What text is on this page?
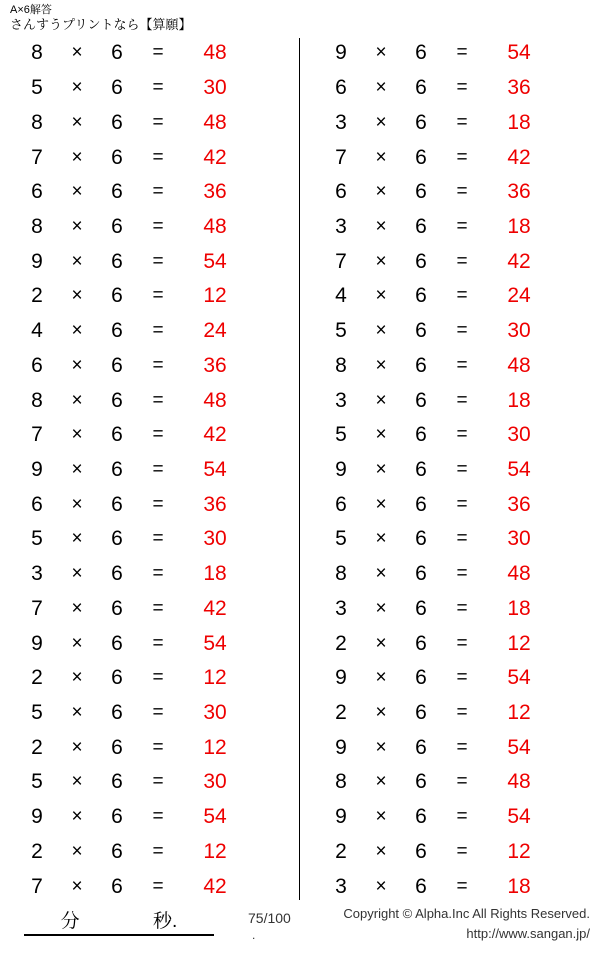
A×6解答
さんすうプリントなら【算願】
8	×	6	=	48
5	×	6	=	30
8	×	6	=	48
7	×	6	=	42
6	×	6	=	36
8	×	6	=	48
9	×	6	=	54
2	×	6	=	12
4	×	6	=	24
6	×	6	=	36
8	×	6	=	48
7	×	6	=	42
9	×	6	=	54
6	×	6	=	36
5	×	6	=	30
3	×	6	=	18
7	×	6	=	42
9	×	6	=	54
2	×	6	=	12
5	×	6	=	30
2	×	6	=	12
5	×	6	=	30
9	×	6	=	54
2	×	6	=	12
7	×	6	=	42
9	×	6	=	54
6	×	6	=	36
3	×	6	=	18
7	×	6	=	42
6	×	6	=	36
3	×	6	=	18
7	×	6	=	42
4	×	6	=	24
5	×	6	=	30
8	×	6	=	48
3	×	6	=	18
5	×	6	=	30
9	×	6	=	54
6	×	6	=	36
5	×	6	=	30
8	×	6	=	48
3	×	6	=	18
2	×	6	=	12
9	×	6	=	54
2	×	6	=	12
9	×	6	=	54
8	×	6	=	48
9	×	6	=	54
2	×	6	=	12
3	×	6	=	18
分	秒.	75/100
.
Copyright © Alpha.Inc All Rights Reserved.
http://www.sangan.jp/
